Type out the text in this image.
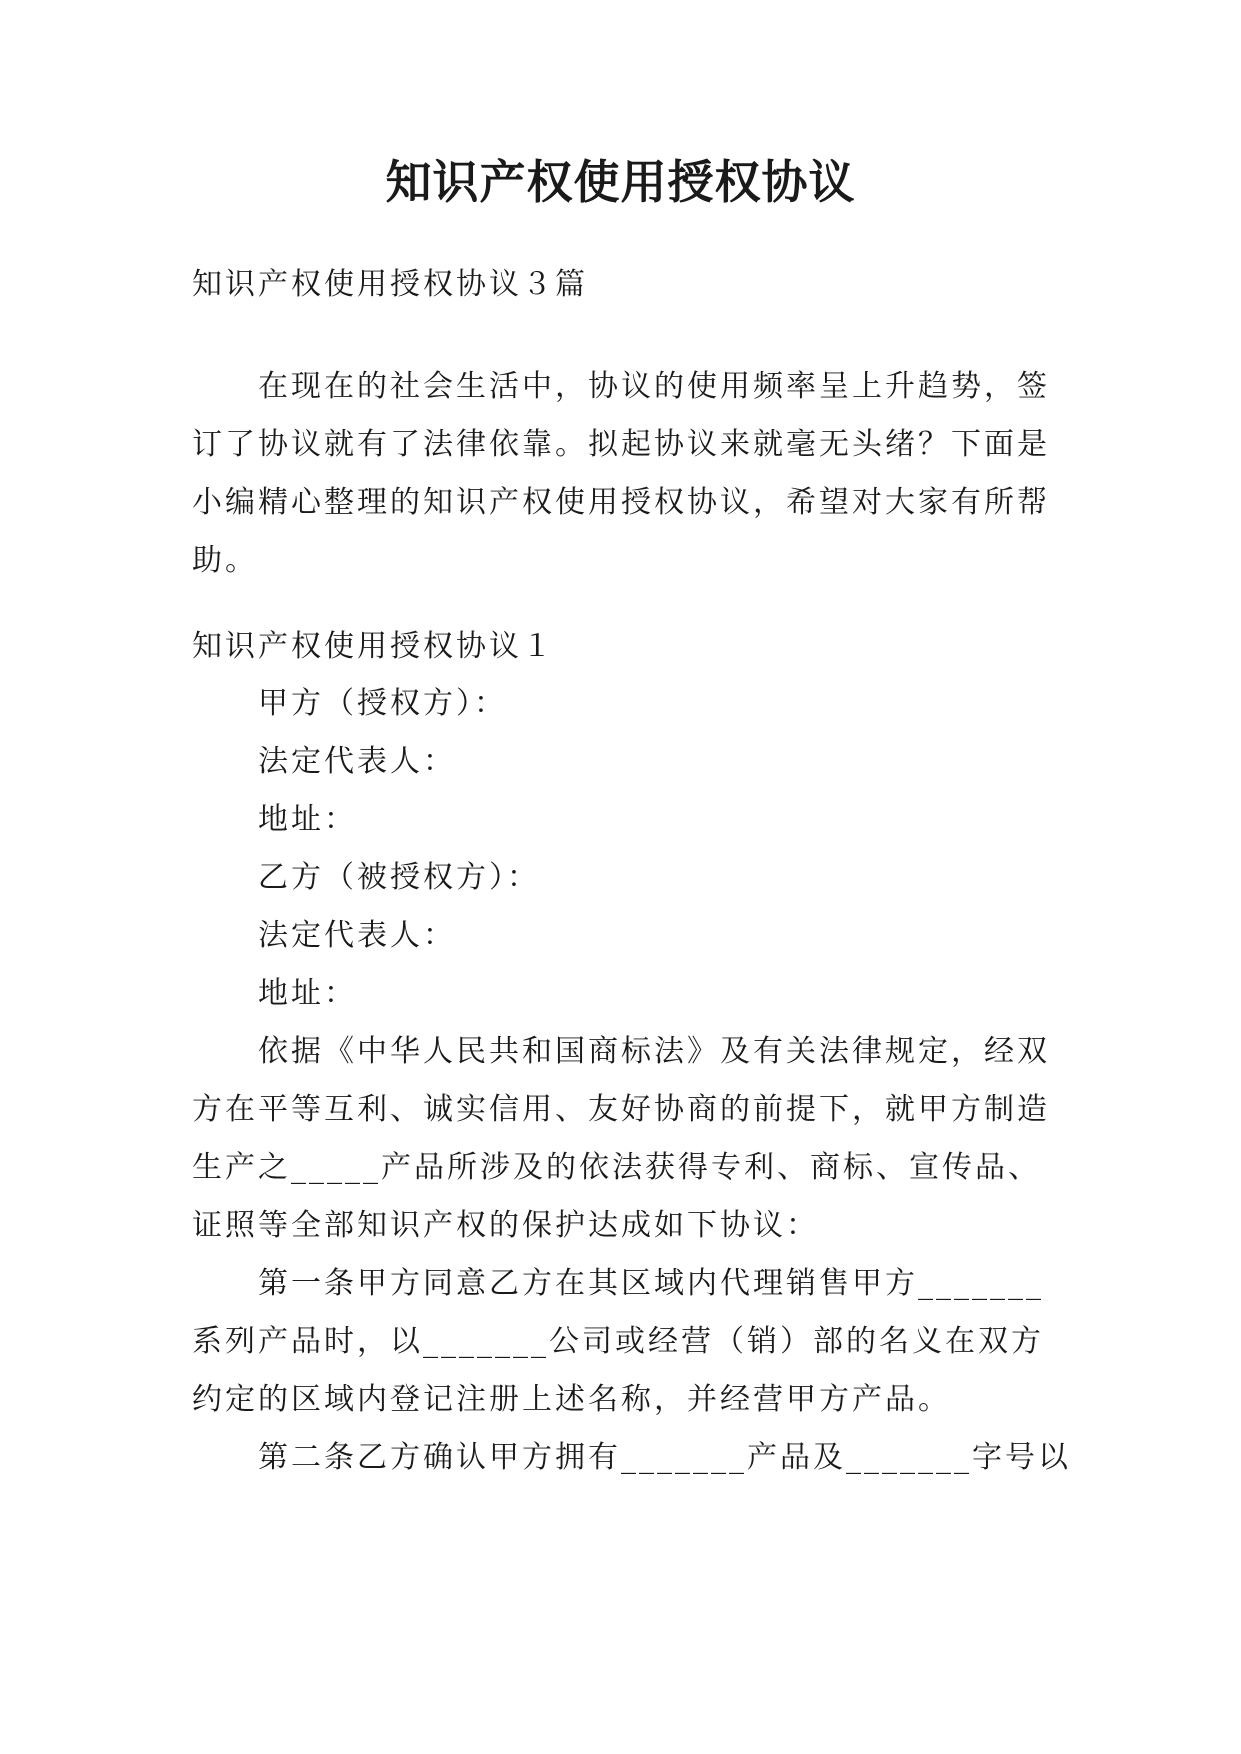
知识产权使用授权协议
知识产权使用授权协议３篇
在现在的社会生活中，协议的使用频率呈上升趋势，签
订了协议就有了法律依靠。拟起协议来就毫无头绪？下面是
小编精心整理的知识产权使用授权协议，希望对大家有所帮
助。
知识产权使用授权协议１
甲方（授权方）：
法定代表人：
地址：
乙方（被授权方）：
法定代表人：
地址：
依据《中华人民共和国商标法》及有关法律规定，经双
方在平等互利、诚实信用、友好协商的前提下，就甲方制造
生产之_____产品所涉及的依法获得专利、商标、宣传品、
证照等全部知识产权的保护达成如下协议：
第一条甲方同意乙方在其区域内代理销售甲方_______
系列产品时，以_______公司或经营（销）部的名义在双方
约定的区域内登记注册上述名称，并经营甲方产品。
第二条乙方确认甲方拥有_______产品及_______字号以
